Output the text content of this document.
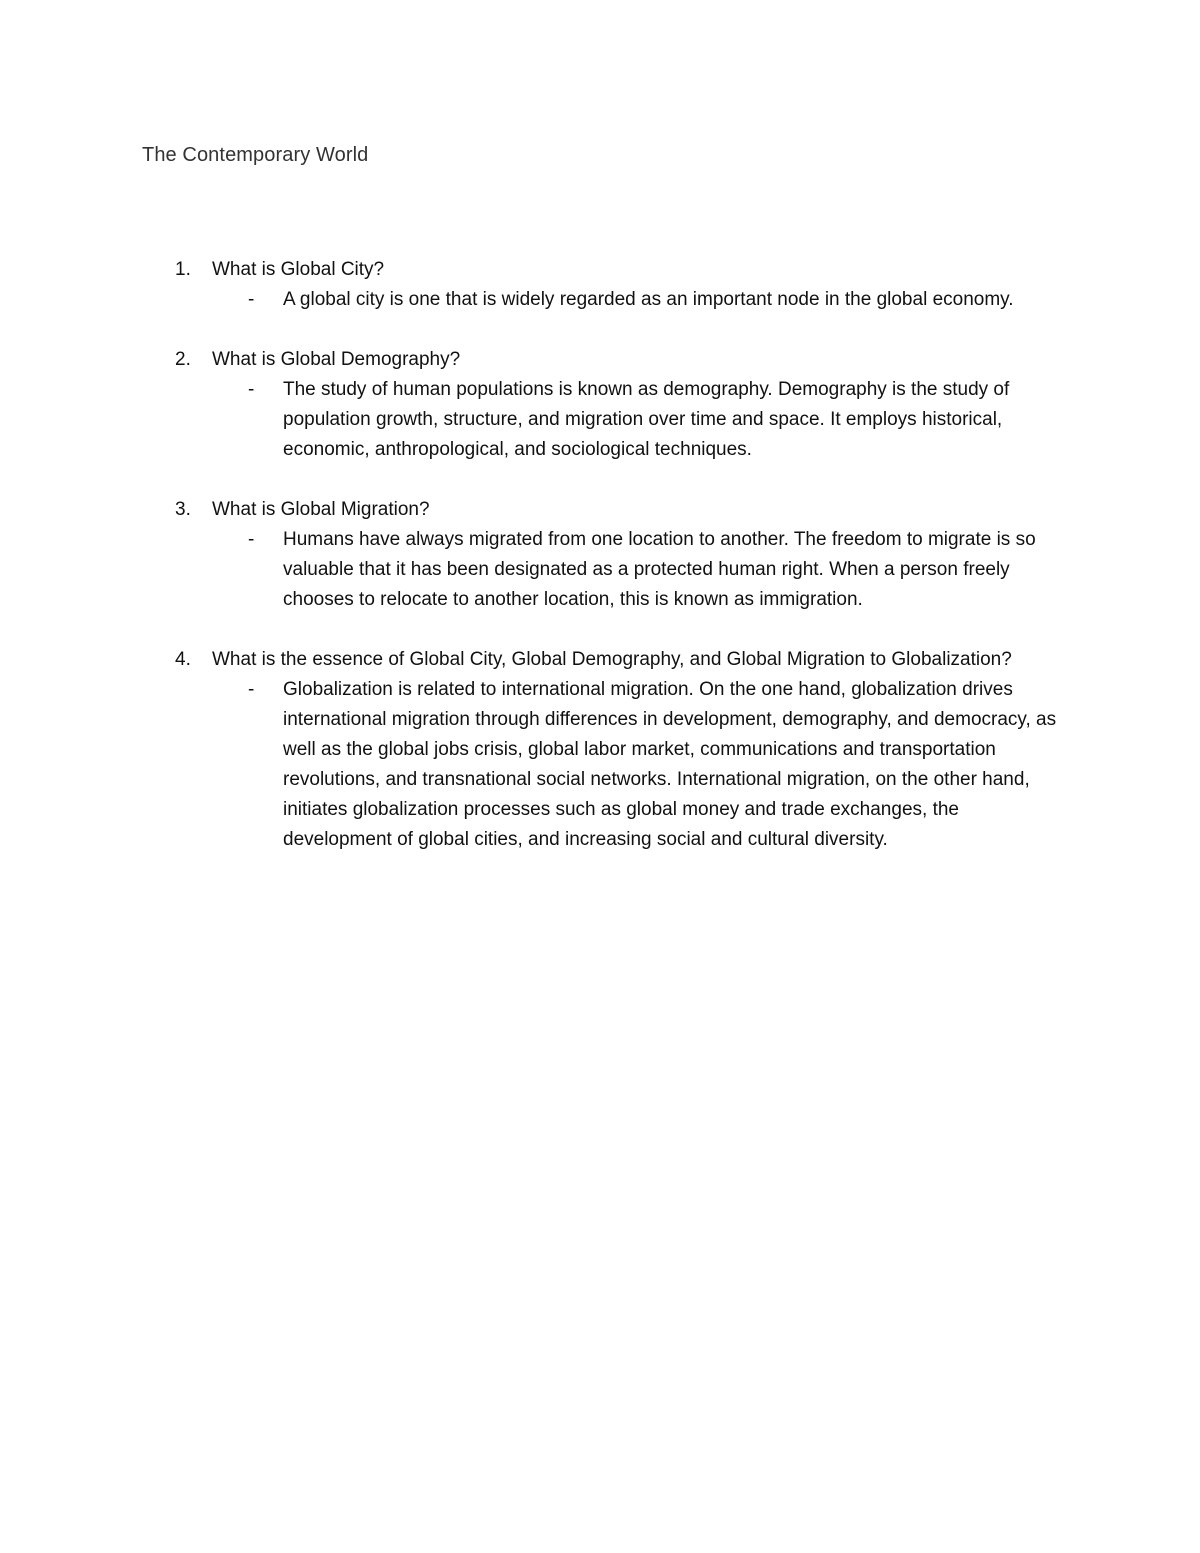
The Contemporary World
1.	What is Global City?
- A global city is one that is widely regarded as an important node in the global economy.
2.	What is Global Demography?
- The study of human populations is known as demography. Demography is the study of population growth, structure, and migration over time and space. It employs historical, economic, anthropological, and sociological techniques.
3.	What is Global Migration?
- Humans have always migrated from one location to another. The freedom to migrate is so valuable that it has been designated as a protected human right. When a person freely chooses to relocate to another location, this is known as immigration.
4.	What is the essence of Global City, Global Demography, and Global Migration to Globalization?
- Globalization is related to international migration. On the one hand, globalization drives international migration through differences in development, demography, and democracy, as well as the global jobs crisis, global labor market, communications and transportation revolutions, and transnational social networks. International migration, on the other hand, initiates globalization processes such as global money and trade exchanges, the development of global cities, and increasing social and cultural diversity.
